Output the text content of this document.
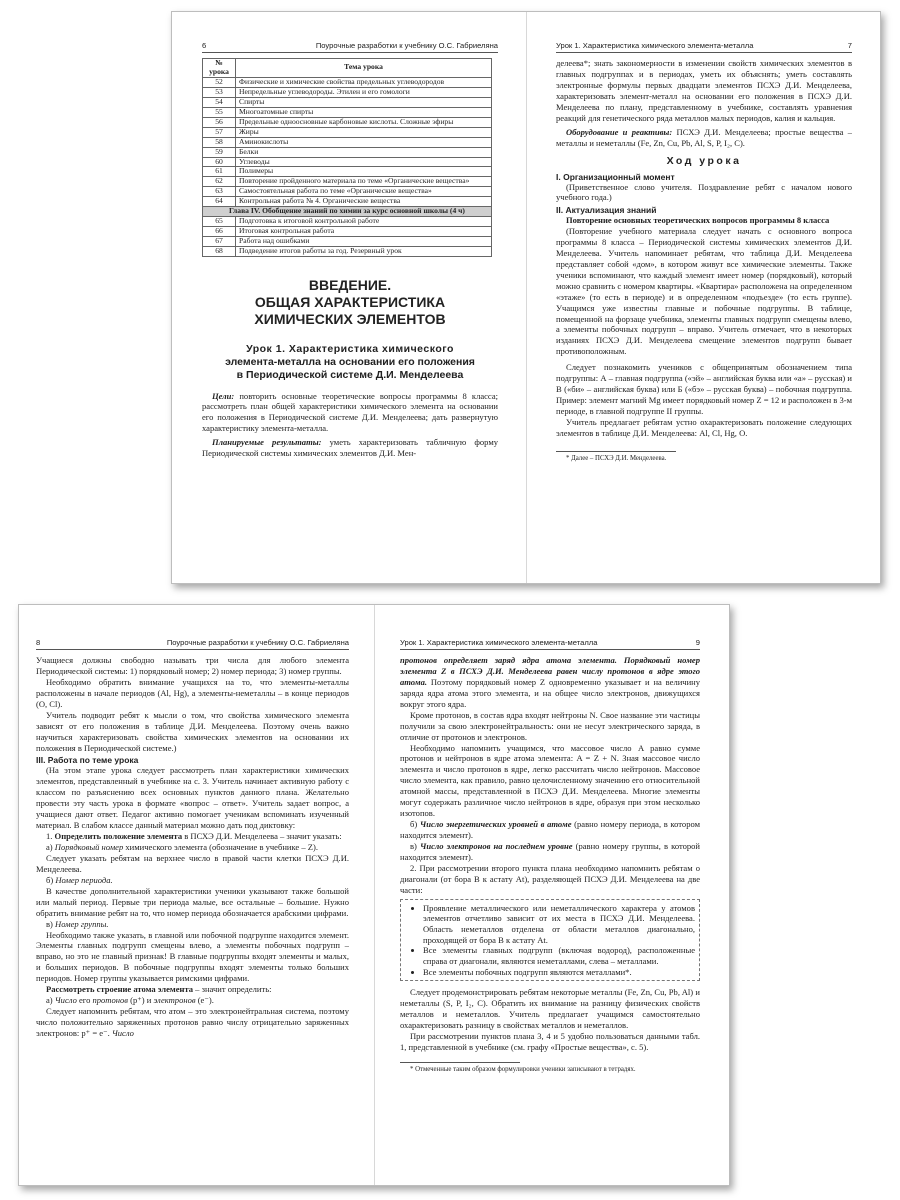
6	Поурочные разработки к учебнику О.С. Габриеляна
№ урока	Тема урока
52	Физические и химические свойства предельных углеводородов
53	Непредельные углеводороды. Этилен и его гомологи
54	Спирты
55	Многоатомные спирты
56	Предельные одноосновные карбоновые кислоты. Сложные эфиры
57	Жиры
58	Аминокислоты
59	Белки
60	Углеводы
61	Полимеры
62	Повторение пройденного материала по теме «Органические вещества»
63	Самостоятельная работа по теме «Органические вещества»
64	Контрольная работа № 4. Органические вещества
Глава IV. Обобщение знаний по химии за курс основной школы (4 ч)	
65	Подготовка к итоговой контрольной работе
66	Итоговая контрольная работа
67	Работа над ошибками
68	Подведение итогов работы за год. Резервный урок
ВВЕДЕНИЕ.
ОБЩАЯ ХАРАКТЕРИСТИКА
ХИМИЧЕСКИХ ЭЛЕМЕНТОВ
Урок 1. Характеристика химического
элемента-металла на основании его положения
в Периодической системе Д.И. Менделеева

Цели: повторить основные теоретические вопросы программы 8 класса; рассмотреть план общей характеристики химического элемента на основании его положения в Периодической системе Д.И. Менделеева; дать развернутую характеристику элемента-металла.

Планируемые результаты: уметь характеризовать табличную форму Периодической системы химических элементов Д.И. Мен-

Урок 1. Характеристика химического элемента-металла	7

делеева*; знать закономерности в изменении свойств химических элементов в главных подгруппах и в периодах, уметь их объяснять; уметь составлять электронные формулы первых двадцати элементов ПСХЭ Д.И. Менделеева, характеризовать элемент-металл на основании его положения в ПСХЭ Д.И. Менделеева по плану, представленному в учебнике, составлять уравнения реакций для генетического ряда металлов малых периодов, калия и кальция.

Оборудование и реактивы: ПСХЭ Д.И. Менделеева; простые вещества – металлы и неметаллы (Fe, Zn, Cu, Pb, Al, S, P, I₂, C).

Ход урока
I. Организационный момент

(Приветственное слово учителя. Поздравление ребят с началом нового учебного года.)

II. Актуализация знаний

Повторение основных теоретических вопросов программы 8 класса

(Повторение учебного материала следует начать с основного вопроса программы 8 класса – Периодической системы химических элементов Д.И. Менделеева. Учитель напоминает ребятам, что таблица Д.И. Менделеева представляет собой «дом», в котором живут все химические элементы. Также ученики вспоминают, что каждый элемент имеет номер (порядковый), который можно сравнить с номером квартиры. «Квартира» расположена на определенном «этаже» (то есть в периоде) и в определенном «подъезде» (то есть группе). Учащимся уже известны главные и побочные подгруппы. В таблице, помещенной на форзаце учебника, элементы главных подгрупп смещены влево, а элементы побочных подгрупп – вправо. Учитель отмечает, что в некоторых изданиях ПСХЭ Д.И. Менделеева смещение элементов подгрупп бывает противоположным.

Следует познакомить учеников с общепринятым обозначением типа подгруппы: А – главная подгруппа («эй» – английская буква или «а» – русская) и В («би» – английская буква) или Б («бэ» – русская буква) – побочная подгруппа. Пример: элемент магний Mg имеет порядковый номер Z = 12 и расположен в 3-м периоде, в главной подгруппе II группы.

Учитель предлагает ребятам устно охарактеризовать положение следующих элементов в таблице Д.И. Менделеева: Al, Cl, Hg, O.

* Далее – ПСХЭ Д.И. Менделеева.

8	Поурочные разработки к учебнику О.С. Габриеляна

Учащиеся должны свободно называть три числа для любого элемента Периодической системы: 1) порядковый номер; 2) номер периода; 3) номер группы.

Необходимо обратить внимание учащихся на то, что элементы-металлы расположены в начале периодов (Al, Hg), а элементы-неметаллы – в конце периодов (O, Cl).

Учитель подводит ребят к мысли о том, что свойства химического элемента зависят от его положения в таблице Д.И. Менделеева. Поэтому очень важно научиться характеризовать свойства химических элементов на основании их положения в Периодической системе.)

III. Работа по теме урока

(На этом этапе урока следует рассмотреть план характеристики химических элементов, представленный в учебнике на с. 3. Учитель начинает активную работу с классом по разъяснению всех основных пунктов данного плана. Желательно провести эту часть урока в формате «вопрос – ответ». Учитель задает вопрос, а учащиеся дают ответ. Педагог активно помогает ученикам вспоминать изученный материал. В слабом классе данный материал можно дать под диктовку:

1. Определить положение элемента в ПСХЭ Д.И. Менделеева – значит указать:

а) Порядковый номер химического элемента (обозначение в учебнике – Z).

Следует указать ребятам на верхнее число в правой части клетки ПСХЭ Д.И. Менделеева.

б) Номер периода.

В качестве дополнительной характеристики ученики указывают также большой или малый период. Первые три периода малые, все остальные – большие. Нужно обратить внимание ребят на то, что номер периода обозначается арабскими цифрами.

в) Номер группы.

Необходимо также указать, в главной или побочной подгруппе находится элемент. Элементы главных подгрупп смещены влево, а элементы побочных подгрупп – вправо, но это не главный признак! В главные подгруппы входят элементы и малых, и больших периодов. В побочные подгруппы входят элементы только больших периодов. Номер группы указывается римскими цифрами.

Рассмотреть строение атома элемента – значит определить:

а) Число его протонов (p⁺) и электронов (e⁻).

Следует напомнить ребятам, что атом – это электронейтральная система, поэтому число положительно заряженных протонов равно числу отрицательно заряженных электронов: p⁺ = e⁻. Число

Урок 1. Характеристика химического элемента-металла	9

протонов определяет заряд ядра атома элемента. Порядковый номер элемента Z в ПСХЭ Д.И. Менделеева равен числу протонов в ядре этого атома. Поэтому порядковый номер Z одновременно указывает и на величину заряда ядра атома этого элемента, и на общее число электронов, движущихся вокруг этого ядра.

Кроме протонов, в состав ядра входят нейтроны N. Свое название эти частицы получили за свою электронейтральность: они не несут электрического заряда, в отличие от протонов и электронов.

Необходимо напомнить учащимся, что массовое число A равно сумме протонов и нейтронов в ядре атома элемента: A = Z + N. Зная массовое число элемента и число протонов в ядре, легко рассчитать число нейтронов. Массовое число элемента, как правило, равно целочисленному значению его относительной атомной массы, представленной в ПСХЭ Д.И. Менделеева. Многие элементы могут содержать различное число нейтронов в ядре, образуя при этом несколько изотопов.

б) Число энергетических уровней в атоме (равно номеру периода, в котором находится элемент).

в) Число электронов на последнем уровне (равно номеру группы, в которой находится элемент).

2. При рассмотрении второго пункта плана необходимо напомнить ребятам о диагонали (от бора B к астату At), разделяющей ПСХЭ Д.И. Менделеева на две части:

• Проявление металлического или неметаллического характера у атомов элементов отчетливо зависит от их места в ПСХЭ Д.И. Менделеева. Область неметаллов отделена от области металлов диагонально, проходящей от бора B к астату At.
• Все элементы главных подгрупп (включая водород), расположенные справа от диагонали, являются неметаллами, слева – металлами.
• Все элементы побочных подгрупп являются металлами*.

Следует продемонстрировать ребятам некоторые металлы (Fe, Zn, Cu, Pb, Al) и неметаллы (S, P, I₂, C). Обратить их внимание на разницу физических свойств металлов и неметаллов. Учитель предлагает учащимся самостоятельно охарактеризовать разницу в свойствах металлов и неметаллов.

При рассмотрении пунктов плана 3, 4 и 5 удобно пользоваться данными табл. 1, представленной в учебнике (см. графу «Простые вещества», с. 5).

* Отмеченные таким образом формулировки ученики записывают в тетрадях.
